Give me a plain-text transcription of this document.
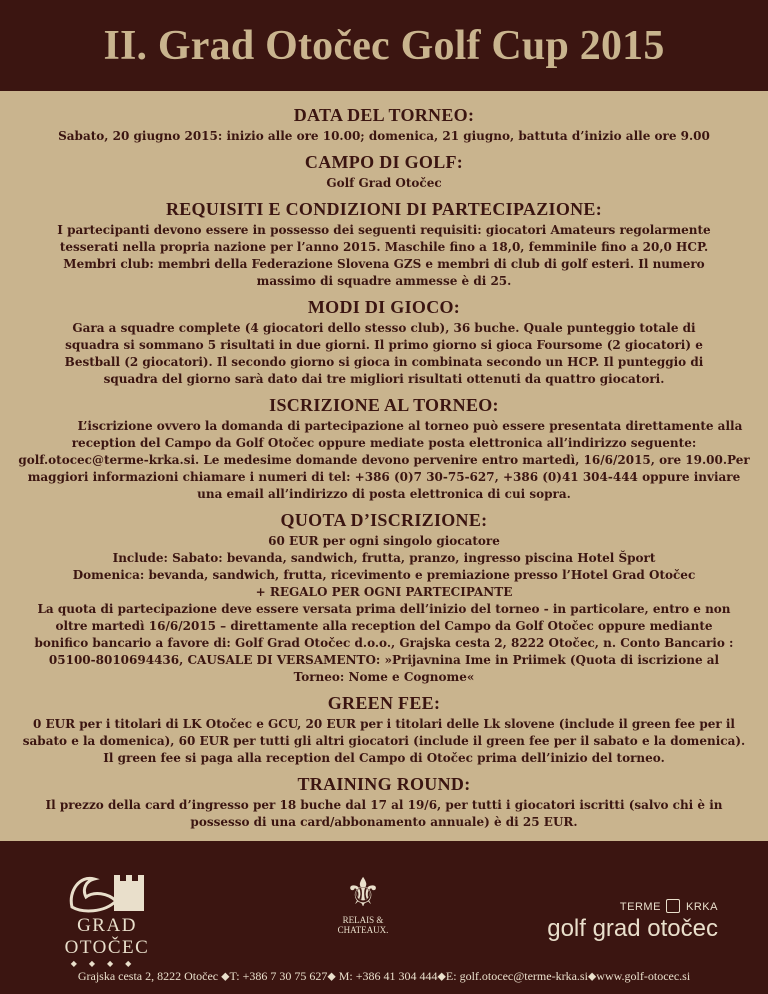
II. Grad Otočec Golf Cup 2015
DATA DEL TORNEO:

Sabato, 20 giugno 2015: inizio alle ore 10.00; domenica, 21 giugno, battuta d’inizio alle ore 9.00

CAMPO DI GOLF:

Golf Grad Otočec

REQUISITI E CONDIZIONI DI PARTECIPAZIONE:

I partecipanti devono essere in possesso dei seguenti requisiti: giocatori Amateurs regolarmente tesserati nella propria nazione per l’anno 2015. Maschile fino a 18,0, femminile fino a 20,0 HCP. Membri club: membri della Federazione Slovena GZS e membri di club di golf esteri. Il numero massimo di squadre ammesse è di 25.

MODI DI GIOCO:

Gara a squadre complete (4 giocatori dello stesso club), 36 buche. Quale punteggio totale di squadra si sommano 5 risultati in due giorni. Il primo giorno si gioca Foursome (2 giocatori) e Bestball (2 giocatori). Il secondo giorno si gioca in combinata secondo un HCP. Il punteggio di squadra del giorno sarà dato dai tre migliori risultati ottenuti da quattro giocatori.

ISCRIZIONE AL TORNEO:

L’iscrizione ovvero la domanda di partecipazione al torneo può essere presentata direttamente alla reception del Campo da Golf Otočec oppure mediate posta elettronica all’indirizzo seguente: golf.otocec@terme-krka.si. Le medesime domande devono pervenire entro martedì, 16/6/2015, ore 19.00.Per maggiori informazioni chiamare i numeri di tel: +386 (0)7 30-75-627, +386 (0)41 304-444 oppure inviare una email all’indirizzo di posta elettronica di cui sopra.

QUOTA D’ISCRIZIONE:

60 EUR per ogni singolo giocatore

Include: Sabato: bevanda, sandwich, frutta, pranzo, ingresso piscina Hotel Šport

Domenica: bevanda, sandwich, frutta, ricevimento e premiazione presso l’Hotel Grad Otočec

+ REGALO PER OGNI PARTECIPANTE

La quota di partecipazione deve essere versata prima dell’inizio del torneo - in particolare, entro e non oltre martedì 16/6/2015 – direttamente alla reception del Campo da Golf Otočec oppure mediante bonifico bancario a favore di: Golf Grad Otočec d.o.o., Grajska cesta 2, 8222 Otočec, n. Conto Bancario : 05100-8010694436, CAUSALE DI VERSAMENTO: »Prijavnina Ime in Priimek (Quota di iscrizione al Torneo: Nome e Cognome«

GREEN FEE:

0 EUR per i titolari di LK Otočec e GCU, 20 EUR per i titolari delle Lk slovene (include il green fee per il sabato e la domenica), 60 EUR per tutti gli altri giocatori (include il green fee per il sabato e la domenica). Il green fee si paga alla reception del Campo di Otočec prima dell’inizio del torneo.

TRAINING ROUND:

Il prezzo della card d’ingresso per 18 buche dal 17 al 19/6, per tutti i giocatori iscritti (salvo chi è in possesso di una card/abbonamento annuale) è di 25 EUR.

GRAD OTOČEC
◆◆◆◆
⚜
RELAIS &
CHATEAUX.
TERME KRKA
golf grad otočec
Grajska cesta 2, 8222 Otočec ⬥T: +386 7 30 75 627⬥ M: +386 41 304 444⬥E: golf.otocec@terme-krka.si⬥www.golf-otocec.si
